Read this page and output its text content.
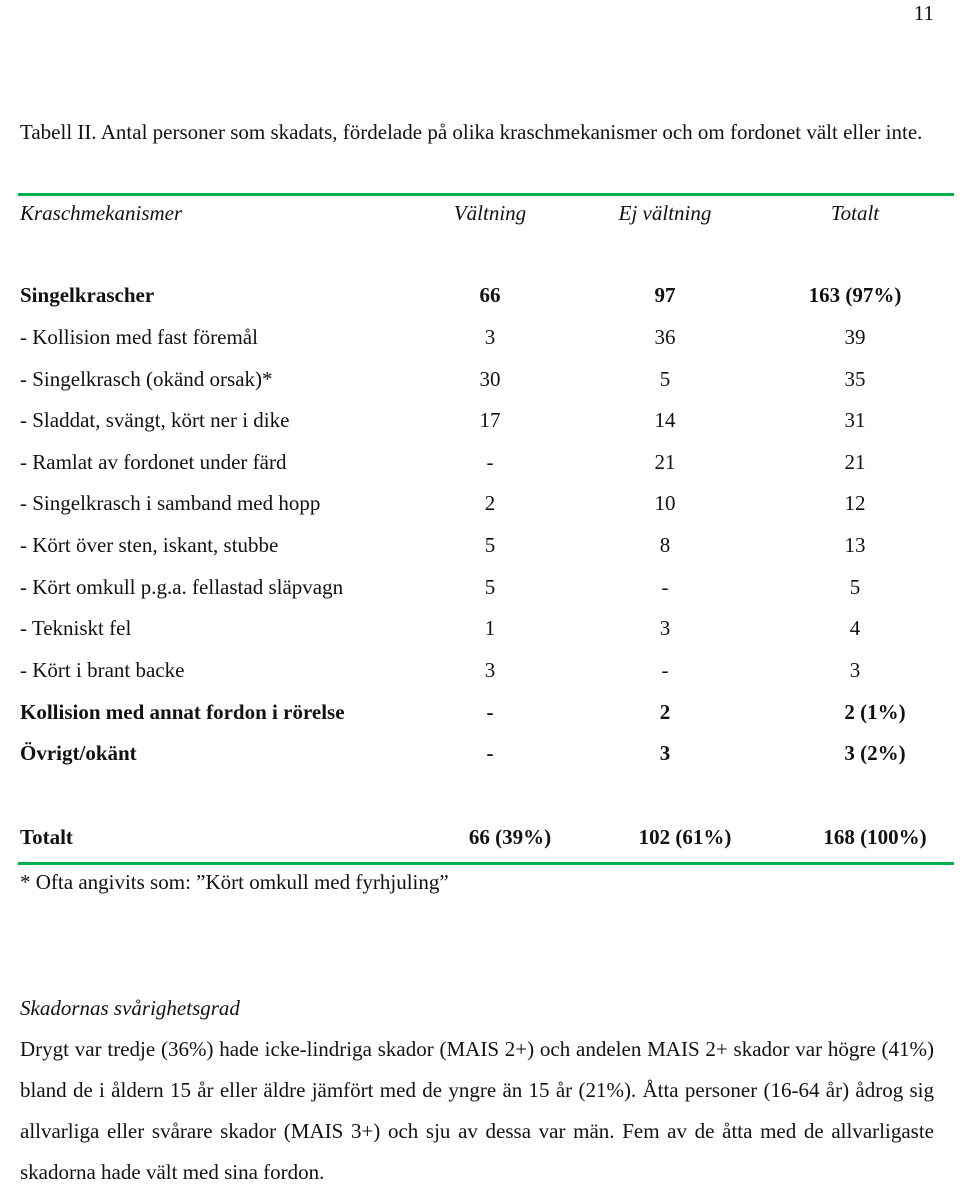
11
Tabell II. Antal personer som skadats, fördelade på olika kraschmekanismer och om fordonet vält eller inte.
Kraschmekanismer	Vältning	Ej vältning	Totalt
Singelkrascher	66	97	163 (97%)
- Kollision med fast föremål	3	36	39
- Singelkrasch (okänd orsak)*	30	5	35
- Sladdat, svängt, kört ner i dike	17	14	31
- Ramlat av fordonet under färd	-	21	21
- Singelkrasch i samband med hopp	2	10	12
- Kört över sten, iskant, stubbe	5	8	13
- Kört omkull p.g.a. fellastad släpvagn	5	-	5
- Tekniskt fel	1	3	4
- Kört i brant backe	3	-	3
Kollision med annat fordon i rörelse	-	2	2 (1%)
Övrigt/okänt	-	3	3 (2%)
Totalt	66 (39%)	102 (61%)	168 (100%)
* Ofta angivits som: ”Kört omkull med fyrhjuling”
Skadornas svårighetsgrad
Drygt var tredje (36%) hade icke-lindriga skador (MAIS 2+) och andelen MAIS 2+ skador var högre (41%) bland de i åldern 15 år eller äldre jämfört med de yngre än 15 år (21%). Åtta personer (16-64 år) ådrog sig allvarliga eller svårare skador (MAIS 3+) och sju av dessa var män. Fem av de åtta med de allvarligaste skadorna hade vält med sina fordon.
